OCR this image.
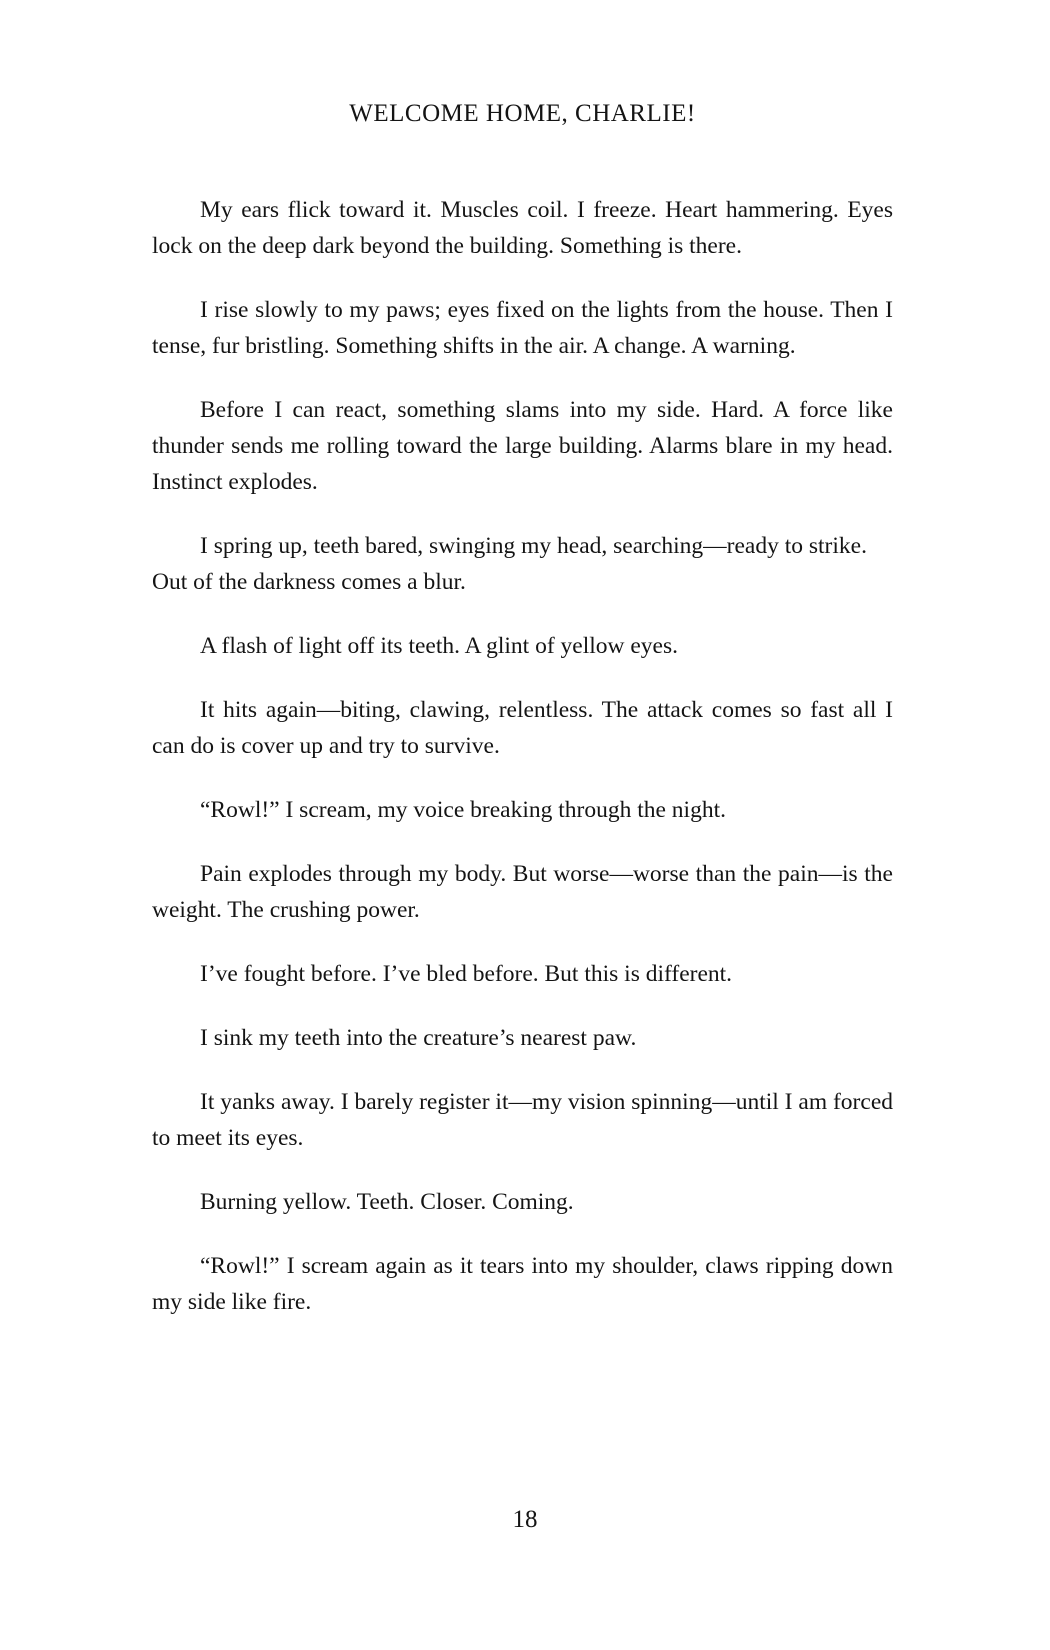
WELCOME HOME, CHARLIE!

My ears flick toward it. Muscles coil. I freeze. Heart hammering. Eyes lock on the deep dark beyond the building. Something is there.

I rise slowly to my paws; eyes fixed on the lights from the house. Then I tense, fur bristling. Something shifts in the air. A change. A warning.

Before I can react, something slams into my side. Hard. A force like thunder sends me rolling toward the large building. Alarms blare in my head. Instinct explodes.

I spring up, teeth bared, swinging my head, searching—ready to strike.

Out of the darkness comes a blur.

A flash of light off its teeth. A glint of yellow eyes.

It hits again—biting, clawing, relentless. The attack comes so fast all I can do is cover up and try to survive.

“Rowl!” I scream, my voice breaking through the night.

Pain explodes through my body. But worse—worse than the pain—is the weight. The crushing power.

I’ve fought before. I’ve bled before. But this is different.

I sink my teeth into the creature’s nearest paw.

It yanks away. I barely register it—my vision spinning—until I am forced to meet its eyes.

Burning yellow. Teeth. Closer. Coming.

“Rowl!” I scream again as it tears into my shoulder, claws ripping down my side like fire.

18
